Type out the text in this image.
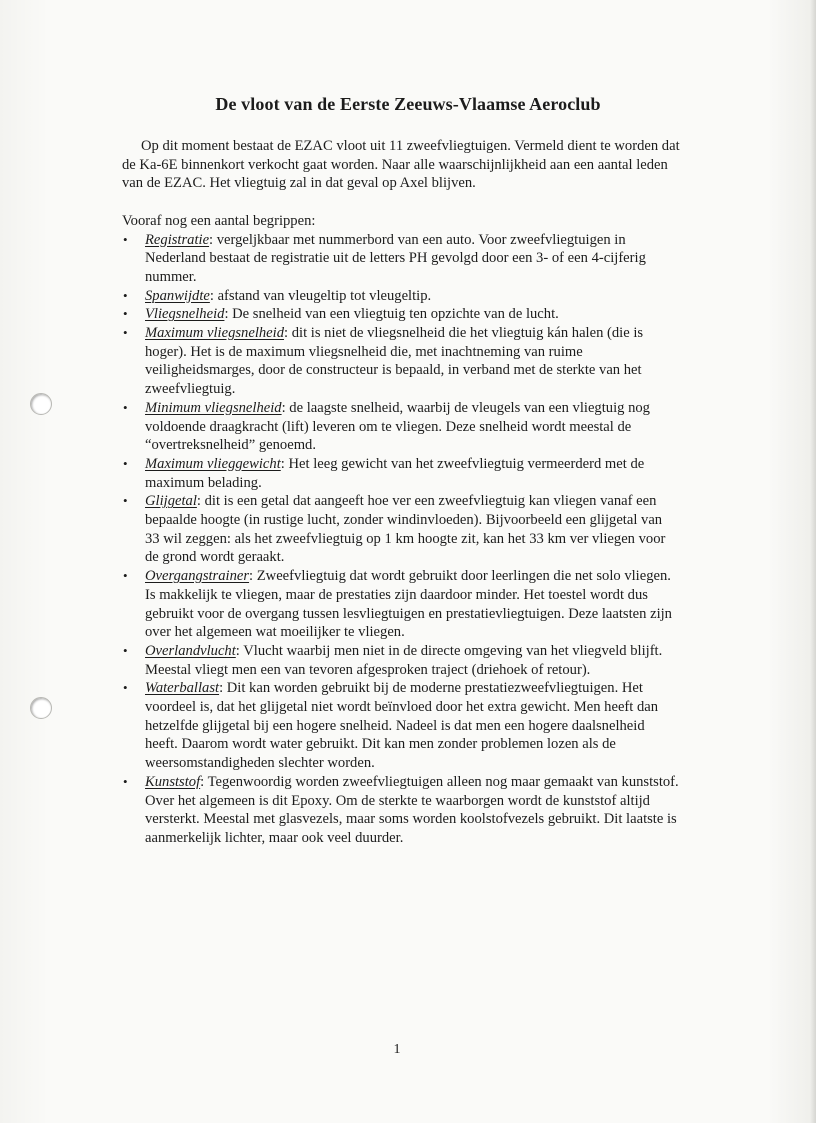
De vloot van de Eerste Zeeuws-Vlaamse Aeroclub

Op dit moment bestaat de EZAC vloot uit 11 zweefvliegtuigen. Vermeld dient te worden dat de Ka-6E binnenkort verkocht gaat worden. Naar alle waarschijnlijkheid aan een aantal leden van de EZAC. Het vliegtuig zal in dat geval op Axel blijven.

Vooraf nog een aantal begrippen:

• Registratie: vergeljkbaar met nummerbord van een auto. Voor zweefvliegtuigen in Nederland bestaat de registratie uit de letters PH gevolgd door een 3- of een 4-cijferig nummer.
• Spanwijdte: afstand van vleugeltip tot vleugeltip.
• Vliegsnelheid: De snelheid van een vliegtuig ten opzichte van de lucht.
• Maximum vliegsnelheid: dit is niet de vliegsnelheid die het vliegtuig kán halen (die is hoger). Het is de maximum vliegsnelheid die, met inachtneming van ruime veiligheidsmarges, door de constructeur is bepaald, in verband met de sterkte van het zweefvliegtuig.
• Minimum vliegsnelheid: de laagste snelheid, waarbij de vleugels van een vliegtuig nog voldoende draagkracht (lift) leveren om te vliegen. Deze snelheid wordt meestal de “overtreksnelheid” genoemd.
• Maximum vlieggewicht: Het leeg gewicht van het zweefvliegtuig vermeerderd met de maximum belading.
• Glijgetal: dit is een getal dat aangeeft hoe ver een zweefvliegtuig kan vliegen vanaf een bepaalde hoogte (in rustige lucht, zonder windinvloeden). Bijvoorbeeld een glijgetal van 33 wil zeggen: als het zweefvliegtuig op 1 km hoogte zit, kan het 33 km ver vliegen voor de grond wordt geraakt.
• Overgangstrainer: Zweefvliegtuig dat wordt gebruikt door leerlingen die net solo vliegen. Is makkelijk te vliegen, maar de prestaties zijn daardoor minder. Het toestel wordt dus gebruikt voor de overgang tussen lesvliegtuigen en prestatievliegtuigen. Deze laatsten zijn over het algemeen wat moeilijker te vliegen.
• Overlandvlucht: Vlucht waarbij men niet in de directe omgeving van het vliegveld blijft. Meestal vliegt men een van tevoren afgesproken traject (driehoek of retour).
• Waterballast: Dit kan worden gebruikt bij de moderne prestatiezweefvliegtuigen. Het voordeel is, dat het glijgetal niet wordt beïnvloed door het extra gewicht. Men heeft dan hetzelfde glijgetal bij een hogere snelheid. Nadeel is dat men een hogere daalsnelheid heeft. Daarom wordt water gebruikt. Dit kan men zonder problemen lozen als de weersomstandigheden slechter worden.
• Kunststof: Tegenwoordig worden zweefvliegtuigen alleen nog maar gemaakt van kunststof. Over het algemeen is dit Epoxy. Om de sterkte te waarborgen wordt de kunststof altijd versterkt. Meestal met glasvezels, maar soms worden koolstofvezels gebruikt. Dit laatste is aanmerkelijk lichter, maar ook veel duurder.
1
